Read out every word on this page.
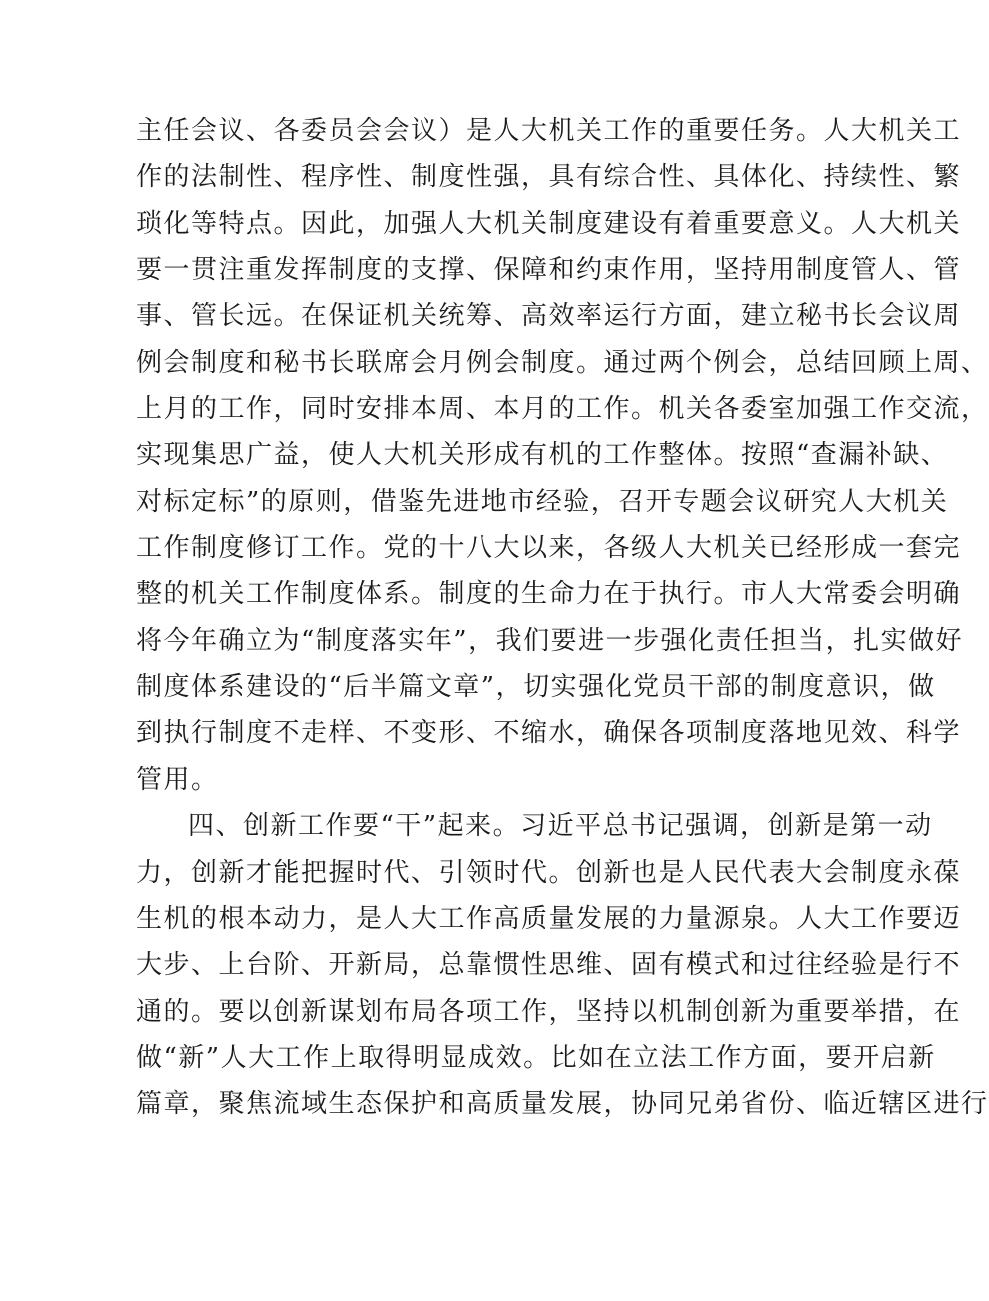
主任会议、各委员会会议）是人大机关工作的重要任务。人大机关工
作的法制性、程序性、制度性强，具有综合性、具体化、持续性、繁
琐化等特点。因此，加强人大机关制度建设有着重要意义。人大机关
要一贯注重发挥制度的支撑、保障和约束作用，坚持用制度管人、管
事、管长远。在保证机关统筹、高效率运行方面，建立秘书长会议周
例会制度和秘书长联席会月例会制度。通过两个例会，总结回顾上周、
上月的工作，同时安排本周、本月的工作。机关各委室加强工作交流，
实现集思广益，使人大机关形成有机的工作整体。按照“查漏补缺、
对标定标”的原则，借鉴先进地市经验，召开专题会议研究人大机关
工作制度修订工作。党的十八大以来，各级人大机关已经形成一套完
整的机关工作制度体系。制度的生命力在于执行。市人大常委会明确
将今年确立为“制度落实年”，我们要进一步强化责任担当，扎实做好
制度体系建设的“后半篇文章”，切实强化党员干部的制度意识，做
到执行制度不走样、不变形、不缩水，确保各项制度落地见效、科学
管用。
四、创新工作要“干”起来。习近平总书记强调，创新是第一动
力，创新才能把握时代、引领时代。创新也是人民代表大会制度永葆
生机的根本动力，是人大工作高质量发展的力量源泉。人大工作要迈
大步、上台阶、开新局，总靠惯性思维、固有模式和过往经验是行不
通的。要以创新谋划布局各项工作，坚持以机制创新为重要举措，在
做“新”人大工作上取得明显成效。比如在立法工作方面，要开启新
篇章，聚焦流域生态保护和高质量发展，协同兄弟省份、临近辖区进行
